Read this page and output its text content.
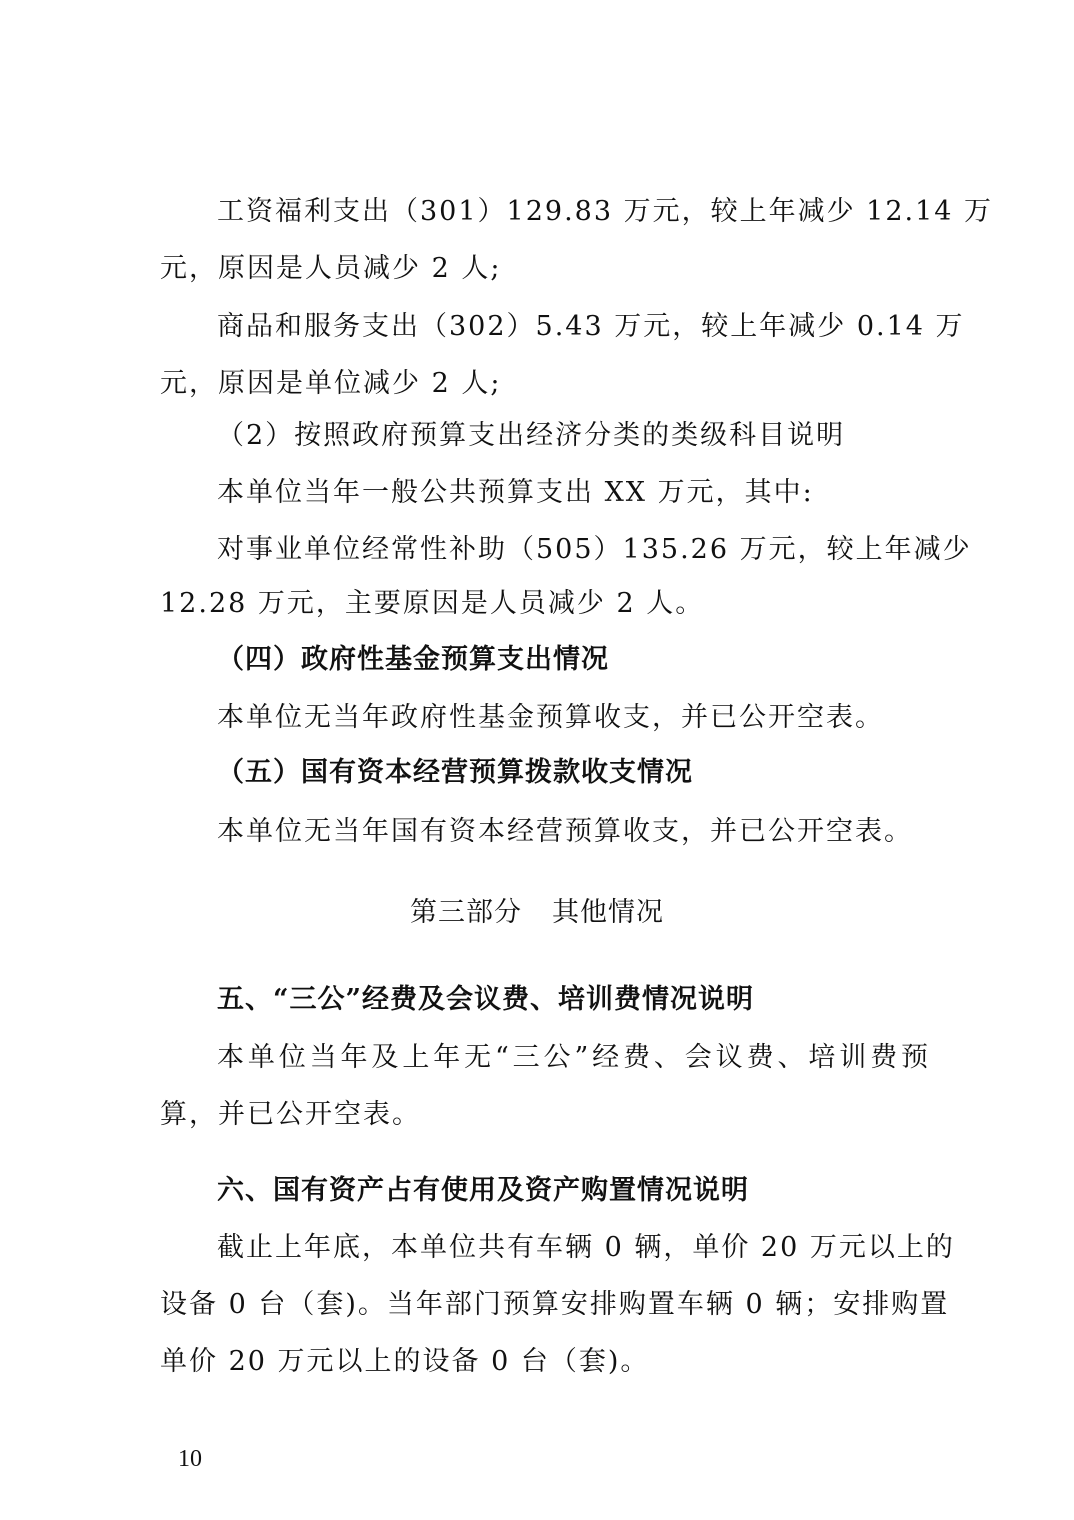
工资福利支出（301）129.83 万元，较上年减少 12.14 万
元，原因是人员减少 2 人;
商品和服务支出（302）5.43 万元，较上年减少 0.14 万
元，原因是单位减少 2 人;
（2）按照政府预算支出经济分类的类级科目说明
本单位当年一般公共预算支出 XX 万元，其中:
对事业单位经常性补助（505）135.26 万元，较上年减少
12.28 万元，主要原因是人员减少 2 人。
（四）政府性基金预算支出情况
本单位无当年政府性基金预算收支，并已公开空表。
（五）国有资本经营预算拨款收支情况
本单位无当年国有资本经营预算收支，并已公开空表。
第三部分 其他情况
五、“三公”经费及会议费、培训费情况说明
本单位当年及上年无“三公”经费、会议费、培训费预
算，并已公开空表。
六、国有资产占有使用及资产购置情况说明
截止上年底，本单位共有车辆 0 辆，单价 20 万元以上的
设备 0 台（套)。当年部门预算安排购置车辆 0 辆；安排购置
单价 20 万元以上的设备 0 台（套)。
10
